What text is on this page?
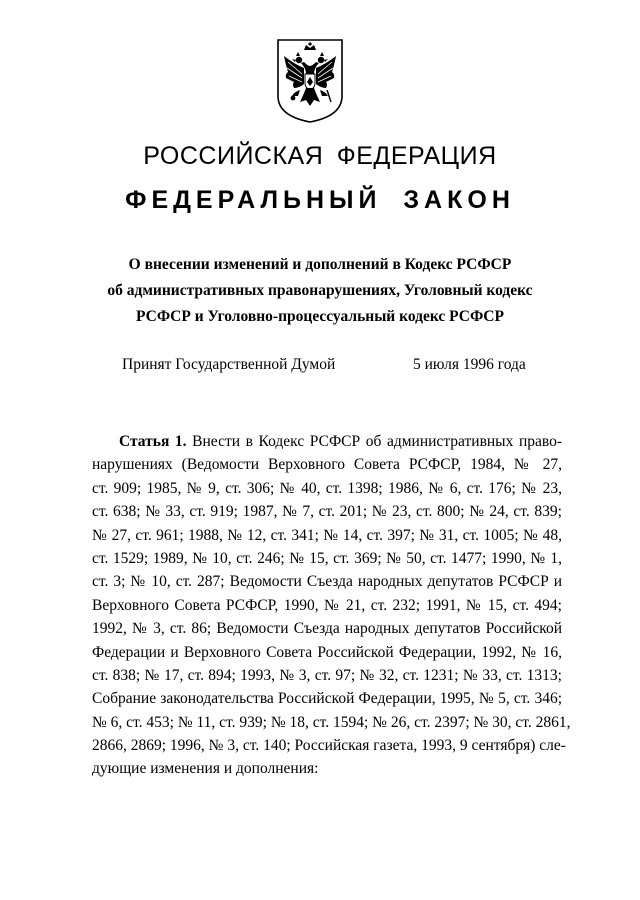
РОССИЙСКАЯ ФЕДЕРАЦИЯ
ФЕДЕРАЛЬНЫЙ ЗАКОН
О внесении изменений и дополнений в Кодекс РСФСР
об административных правонарушениях, Уголовный кодекс
РСФСР и Уголовно-процессуальный кодекс РСФСР
Принят Государственной Думой	5 июля 1996 года
Статья 1. Внести в Кодекс РСФСР об административных право-
нарушениях (Ведомости Верховного Совета РСФСР, 1984, № 27,
ст. 909; 1985, № 9, ст. 306; № 40, ст. 1398; 1986, № 6, ст. 176; № 23,
ст. 638; № 33, ст. 919; 1987, № 7, ст. 201; № 23, ст. 800; № 24, ст. 839;
№ 27, ст. 961; 1988, № 12, ст. 341; № 14, ст. 397; № 31, ст. 1005; № 48,
ст. 1529; 1989, № 10, ст. 246; № 15, ст. 369; № 50, ст. 1477; 1990, № 1,
ст. 3; № 10, ст. 287; Ведомости Съезда народных депутатов РСФСР и
Верховного Совета РСФСР, 1990, № 21, ст. 232; 1991, № 15, ст. 494;
1992, № 3, ст. 86; Ведомости Съезда народных депутатов Российской
Федерации и Верховного Совета Российской Федерации, 1992, № 16,
ст. 838; № 17, ст. 894; 1993, № 3, ст. 97; № 32, ст. 1231; № 33, ст. 1313;
Собрание законодательства Российской Федерации, 1995, № 5, ст. 346;
№ 6, ст. 453; № 11, ст. 939; № 18, ст. 1594; № 26, ст. 2397; № 30, ст. 2861,
2866, 2869; 1996, № 3, ст. 140; Российская газета, 1993, 9 сентября) сле-
дующие изменения и дополнения:
